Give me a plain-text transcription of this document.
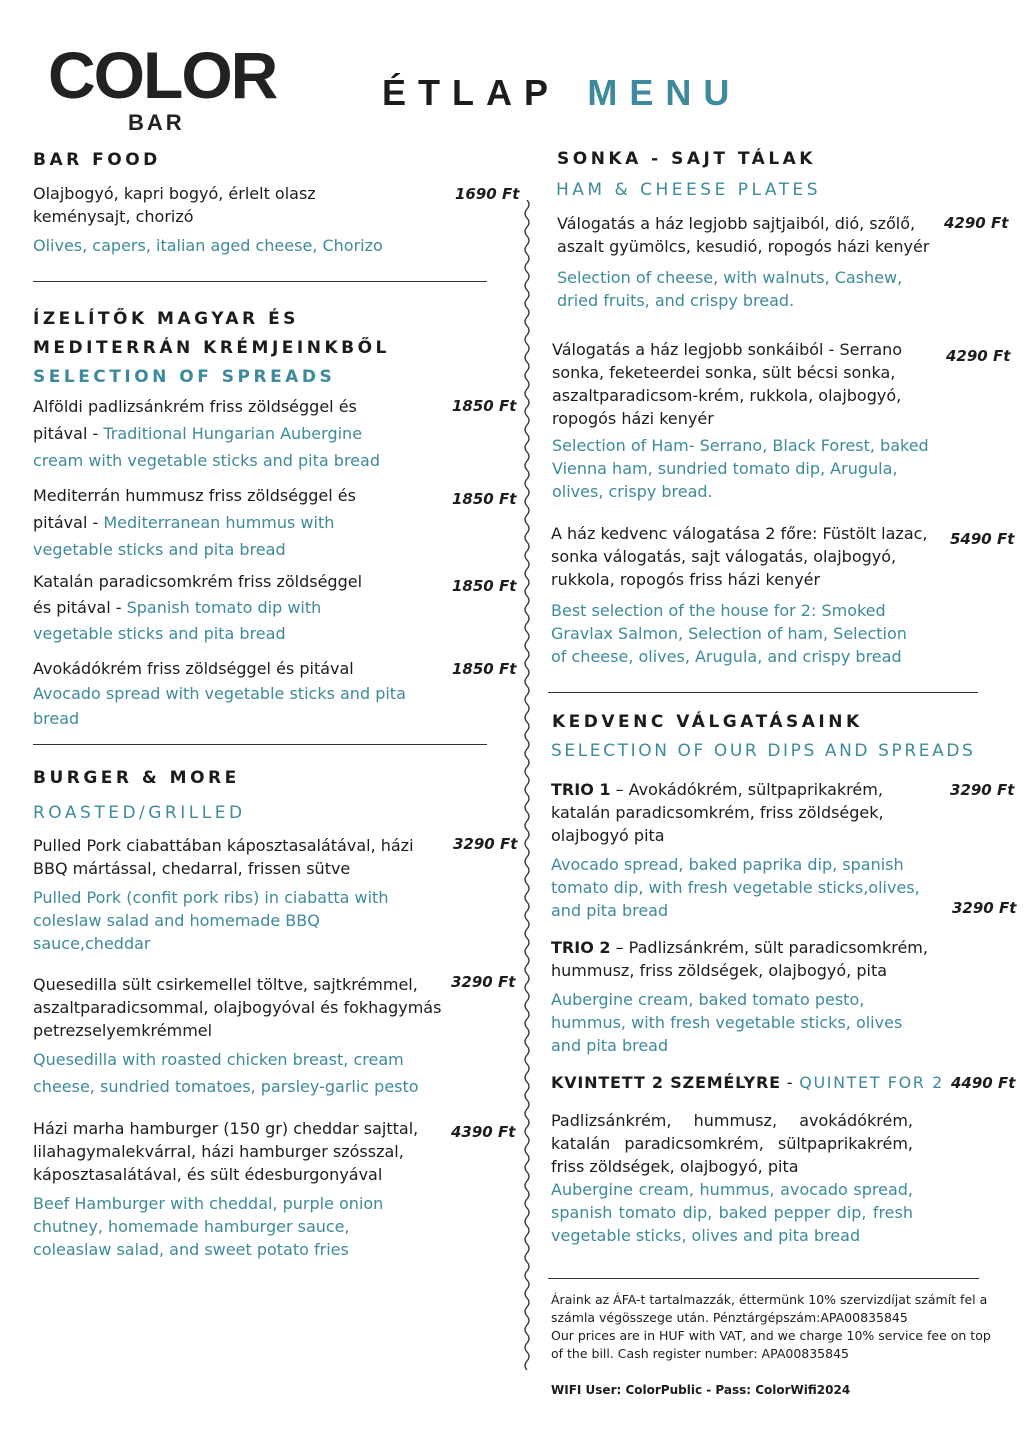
COLOR
BAR
ÉTLAP MENU
BAR FOOD
Olajbogyó, kapri bogyó, érlelt olasz keménysajt, chorizó
Olives, capers, italian aged cheese, Chorizo
1690 Ft
ÍZELÍTŐK MAGYAR ÉS
MEDITERRÁN KRÉMJEINKBŐL
SELECTION OF SPREADS
Alföldi padlizsánkrém friss zöldséggel és pitával - Traditional Hungarian Aubergine cream with vegetable sticks and pita bread
1850 Ft
Mediterrán hummusz friss zöldséggel és pitával - Mediterranean hummus with vegetable sticks and pita bread
1850 Ft
Katalán paradicsomkrém friss zöldséggel és pitával - Spanish tomato dip with vegetable sticks and pita bread
1850 Ft
Avokádókrém friss zöldséggel és pitával
Avocado spread with vegetable sticks and pita bread
1850 Ft
BURGER & MORE
ROASTED/GRILLED
Pulled Pork ciabattában káposztasalátával, házi BBQ mártással, chedarral, frissen sütve
Pulled Pork (confit pork ribs) in ciabatta with coleslaw salad and homemade BBQ sauce,cheddar
3290 Ft
Quesedilla sült csirkemellel töltve, sajtkrémmel, aszaltparadicsommal, olajbogyóval és fokhagymás petrezselyemkrémmel
Quesedilla with roasted chicken breast, cream cheese, sundried tomatoes, parsley-garlic pesto
3290 Ft
Házi marha hamburger (150 gr) cheddar sajttal, lilahagymalekvárral, házi hamburger szósszal, káposztasalátával, és sült édesburgonyával
Beef Hamburger with cheddal, purple onion chutney, homemade hamburger sauce, coleaslaw salad, and sweet potato fries
4390 Ft
SONKA - SAJT TÁLAK
HAM & CHEESE PLATES
Válogatás a ház legjobb sajtjaiból, dió, szőlő, aszalt gyümölcs, kesudió, ropogós házi kenyér
Selection of cheese, with walnuts, Cashew, dried fruits, and crispy bread.
4290 Ft
Válogatás a ház legjobb sonkáiból - Serrano sonka, feketeerdei sonka, sült bécsi sonka, aszaltparadicsom-krém, rukkola, olajbogyó, ropogós házi kenyér
Selection of Ham- Serrano, Black Forest, baked Vienna ham, sundried tomato dip, Arugula, olives, crispy bread.
4290 Ft
A ház kedvenc válogatása 2 főre: Füstölt lazac, sonka válogatás, sajt válogatás, olajbogyó, rukkola, ropogós friss házi kenyér
Best selection of the house for 2: Smoked Gravlax Salmon, Selection of ham, Selection of cheese, olives, Arugula, and crispy bread
5490 Ft
KEDVENC VÁLGATÁSAINK
SELECTION OF OUR DIPS AND SPREADS
TRIO 1 – Avokádókrém, sültpaprikakrém, katalán paradicsomkrém, friss zöldségek, olajbogyó pita
Avocado spread, baked paprika dip, spanish tomato dip, with fresh vegetable sticks,olives, and pita bread
3290 Ft
TRIO 2 – Padlizsánkrém, sült paradicsomkrém, hummusz, friss zöldségek, olajbogyó, pita
Aubergine cream, baked tomato pesto, hummus, with fresh vegetable sticks, olives and pita bread
3290 Ft
KVINTETT 2 SZEMÉLYRE - QUINTET FOR 2 4490 Ft
Padlizsánkrém, hummusz, avokádókrém, katalán paradicsomkrém, sültpaprikakrém, friss zöldségek, olajbogyó, pita
Aubergine cream, hummus, avocado spread, spanish tomato dip, baked pepper dip, fresh vegetable sticks, olives and pita bread
Áraink az ÁFA-t tartalmazzák, éttermünk 10% szervizdíjat számít fel a számla végösszege után. Pénztárgépszám:APA00835845
Our prices are in HUF with VAT, and we charge 10% service fee on top of the bill. Cash register number: APA00835845
WIFI User: ColorPublic - Pass: ColorWifi2024
